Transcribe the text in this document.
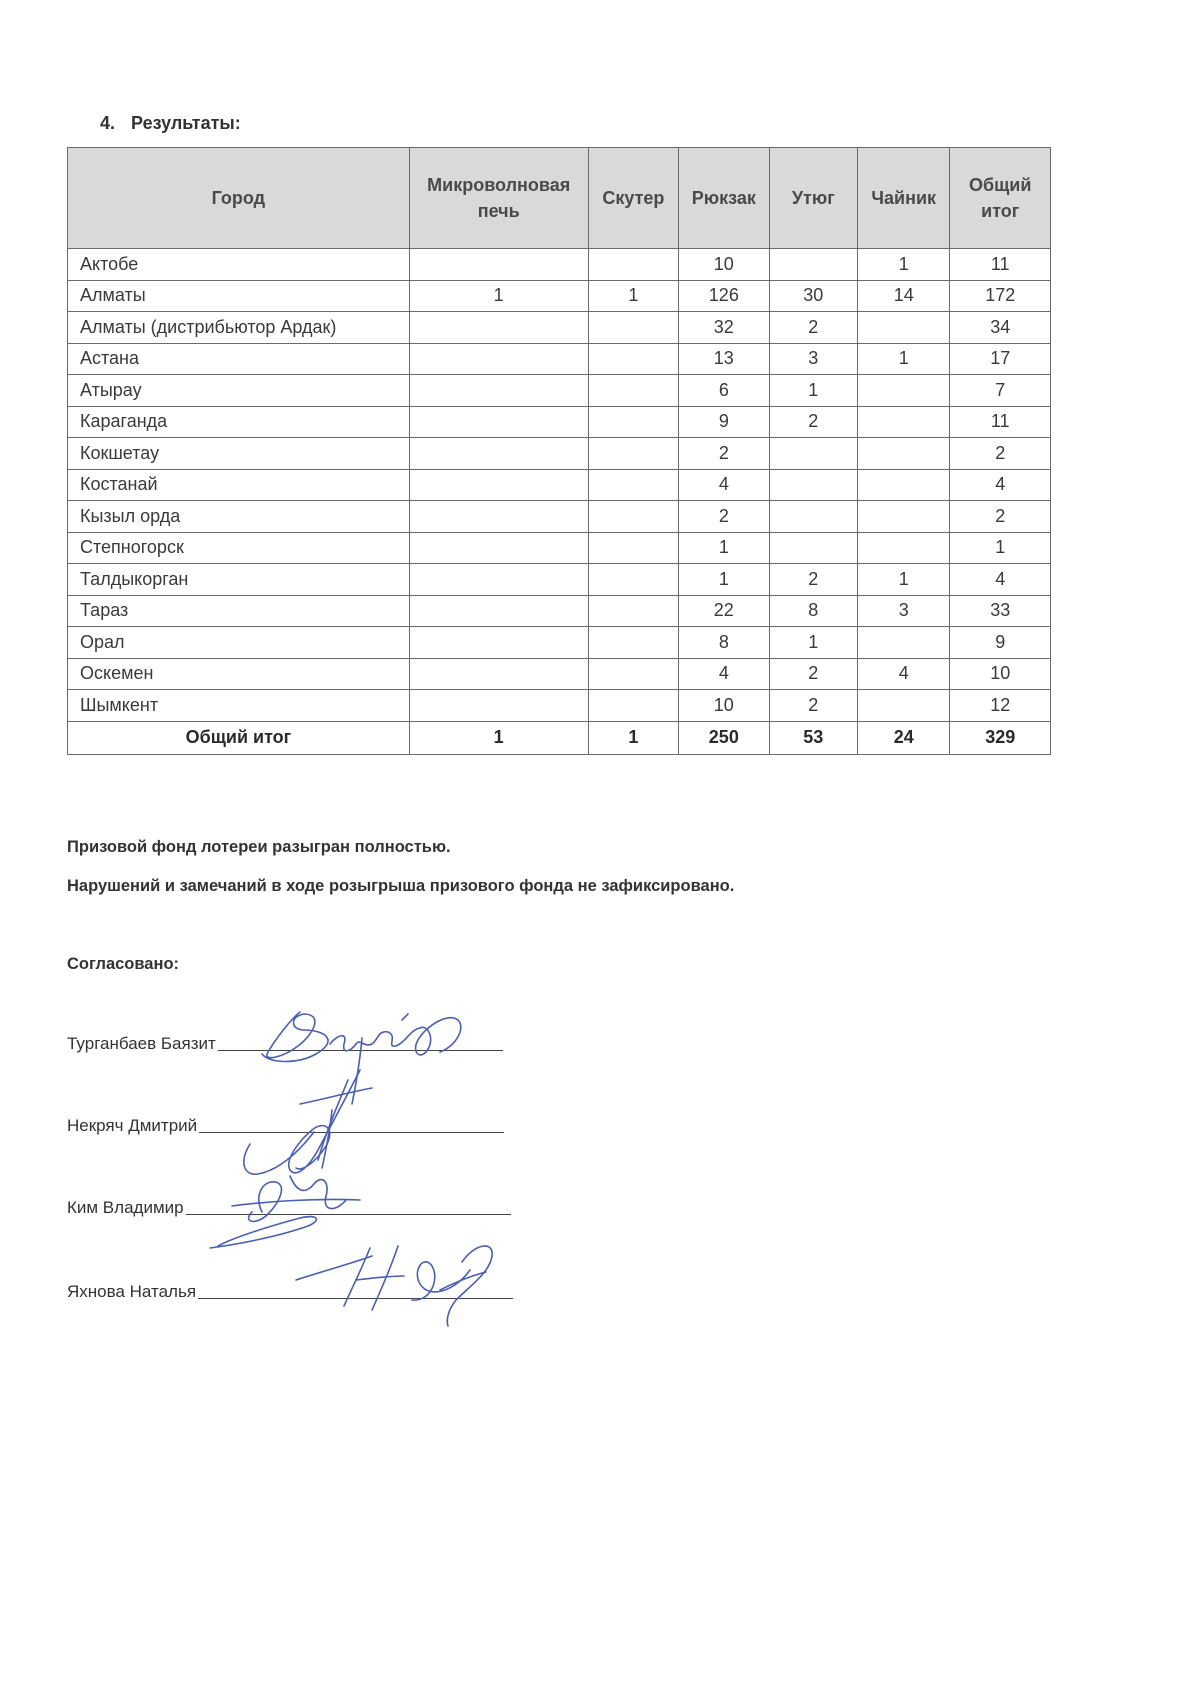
4. Результаты:
Город	Микроволновая печь	Скутер	Рюкзак	Утюг	Чайник	Общий итог
Актобе			10		1	11
Алматы	1	1	126	30	14	172
Алматы (дистрибьютор Ардак)			32	2		34
Астана			13	3	1	17
Атырау			6	1		7
Караганда			9	2		11
Кокшетау			2			2
Костанай			4			4
Кызыл орда			2			2
Степногорск			1			1
Талдыкорган			1	2	1	4
Тараз			22	8	3	33
Орал			8	1		9
Оскемен			4	2	4	10
Шымкент			10	2		12
Общий итог	1	1	250	53	24	329
Призовой фонд лотереи разыгран полностью.
Нарушений и замечаний в ходе розыгрыша призового фонда не зафиксировано.
Согласовано:
Турганбаев Баязит
Некряч Дмитрий
Ким Владимир
Яхнова Наталья
